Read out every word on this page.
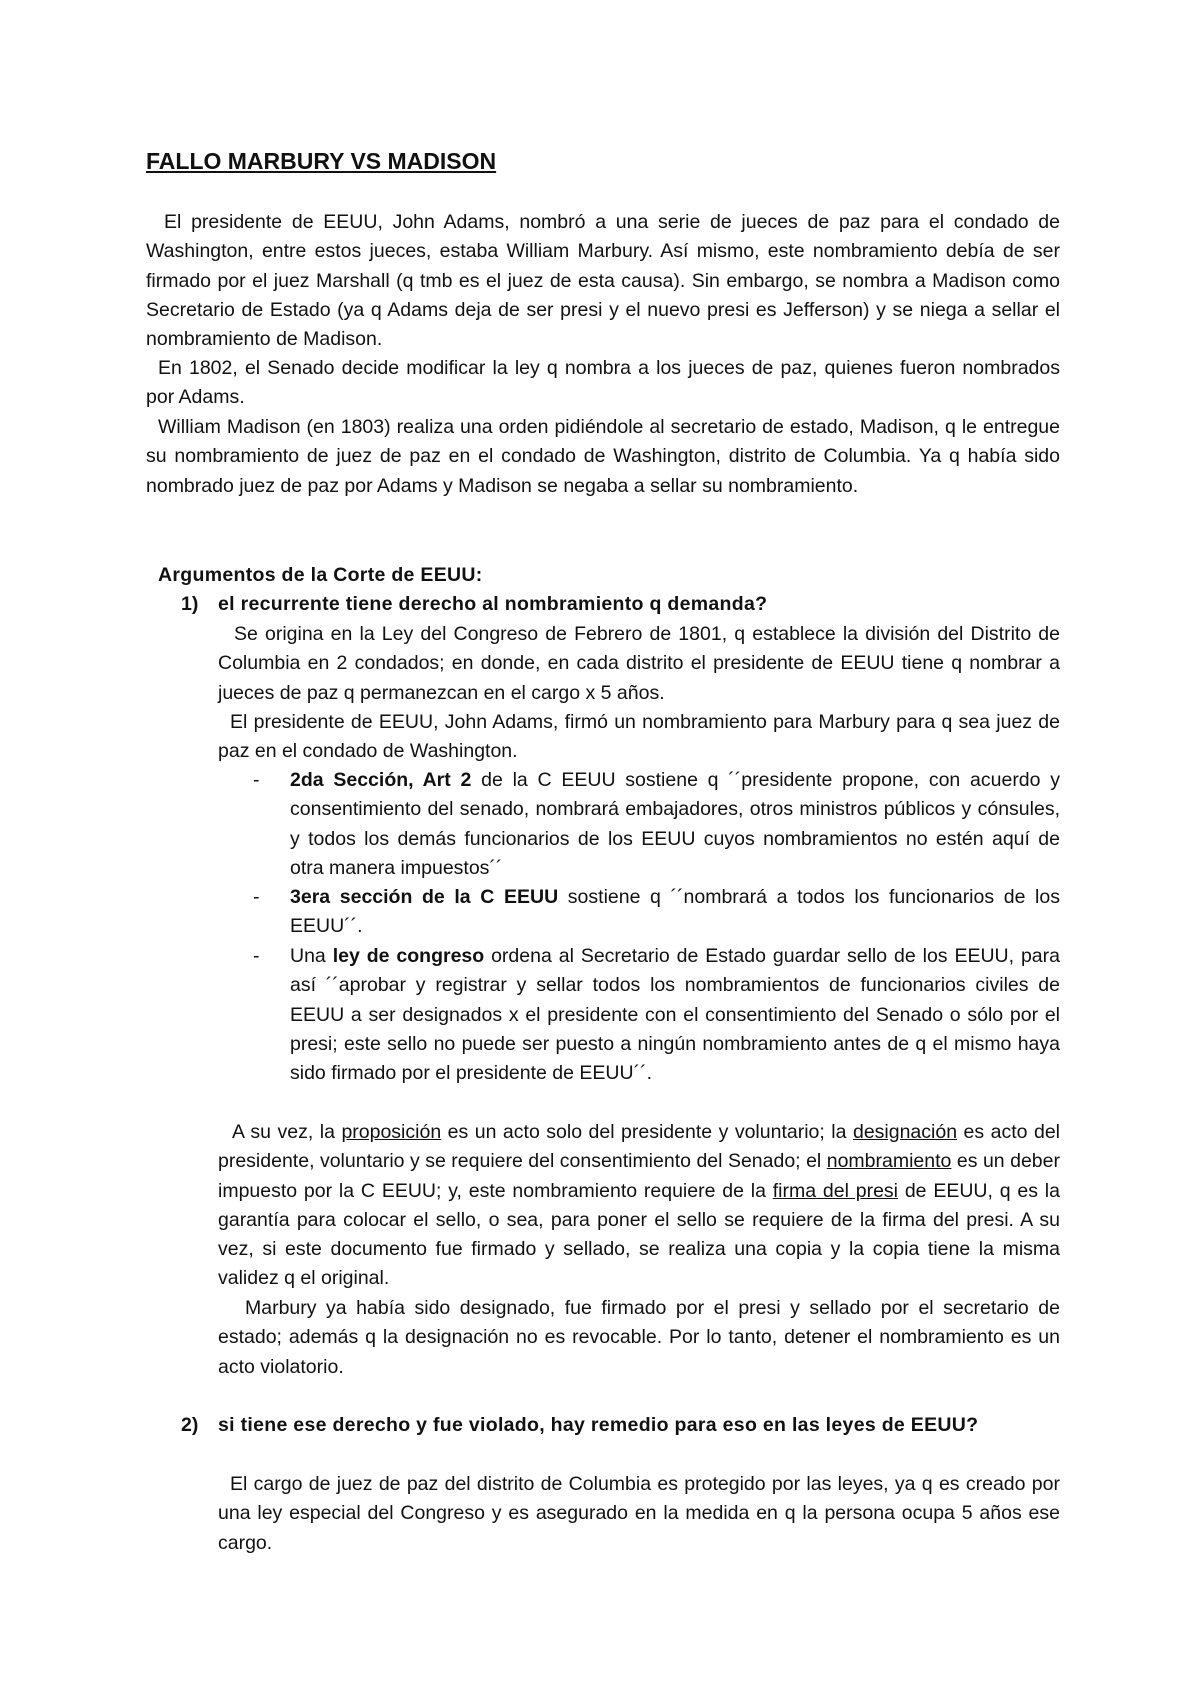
FALLO MARBURY VS MADISON

El presidente de EEUU, John Adams, nombró a una serie de jueces de paz para el condado de Washington, entre estos jueces, estaba William Marbury. Así mismo, este nombramiento debía de ser firmado por el juez Marshall (q tmb es el juez de esta causa). Sin embargo, se nombra a Madison como Secretario de Estado (ya q Adams deja de ser presi y el nuevo presi es Jefferson) y se niega a sellar el nombramiento de Madison.

En 1802, el Senado decide modificar la ley q nombra a los jueces de paz, quienes fueron nombrados por Adams.

William Madison (en 1803) realiza una orden pidiéndole al secretario de estado, Madison, q le entregue su nombramiento de juez de paz en el condado de Washington, distrito de Columbia. Ya q había sido nombrado juez de paz por Adams y Madison se negaba a sellar su nombramiento.

Argumentos de la Corte de EEUU:

1) el recurrente tiene derecho al nombramiento q demanda?

Se origina en la Ley del Congreso de Febrero de 1801, q establece la división del Distrito de Columbia en 2 condados; en donde, en cada distrito el presidente de EEUU tiene q nombrar a jueces de paz q permanezcan en el cargo x 5 años.

El presidente de EEUU, John Adams, firmó un nombramiento para Marbury para q sea juez de paz en el condado de Washington.

- 2da Sección, Art 2 de la C EEUU sostiene q ´´presidente propone, con acuerdo y consentimiento del senado, nombrará embajadores, otros ministros públicos y cónsules, y todos los demás funcionarios de los EEUU cuyos nombramientos no estén aquí de otra manera impuestos´´

- 3era sección de la C EEUU sostiene q ´´nombrará a todos los funcionarios de los EEUU´´.

- Una ley de congreso ordena al Secretario de Estado guardar sello de los EEUU, para así ´´aprobar y registrar y sellar todos los nombramientos de funcionarios civiles de EEUU a ser designados x el presidente con el consentimiento del Senado o sólo por el presi; este sello no puede ser puesto a ningún nombramiento antes de q el mismo haya sido firmado por el presidente de EEUU´´.

A su vez, la proposición es un acto solo del presidente y voluntario; la designación es acto del presidente, voluntario y se requiere del consentimiento del Senado; el nombramiento es un deber impuesto por la C EEUU; y, este nombramiento requiere de la firma del presi de EEUU, q es la garantía para colocar el sello, o sea, para poner el sello se requiere de la firma del presi. A su vez, si este documento fue firmado y sellado, se realiza una copia y la copia tiene la misma validez q el original.

Marbury ya había sido designado, fue firmado por el presi y sellado por el secretario de estado; además q la designación no es revocable. Por lo tanto, detener el nombramiento es un acto violatorio.

2) si tiene ese derecho y fue violado, hay remedio para eso en las leyes de EEUU?

El cargo de juez de paz del distrito de Columbia es protegido por las leyes, ya q es creado por una ley especial del Congreso y es asegurado en la medida en q la persona ocupa 5 años ese cargo.
